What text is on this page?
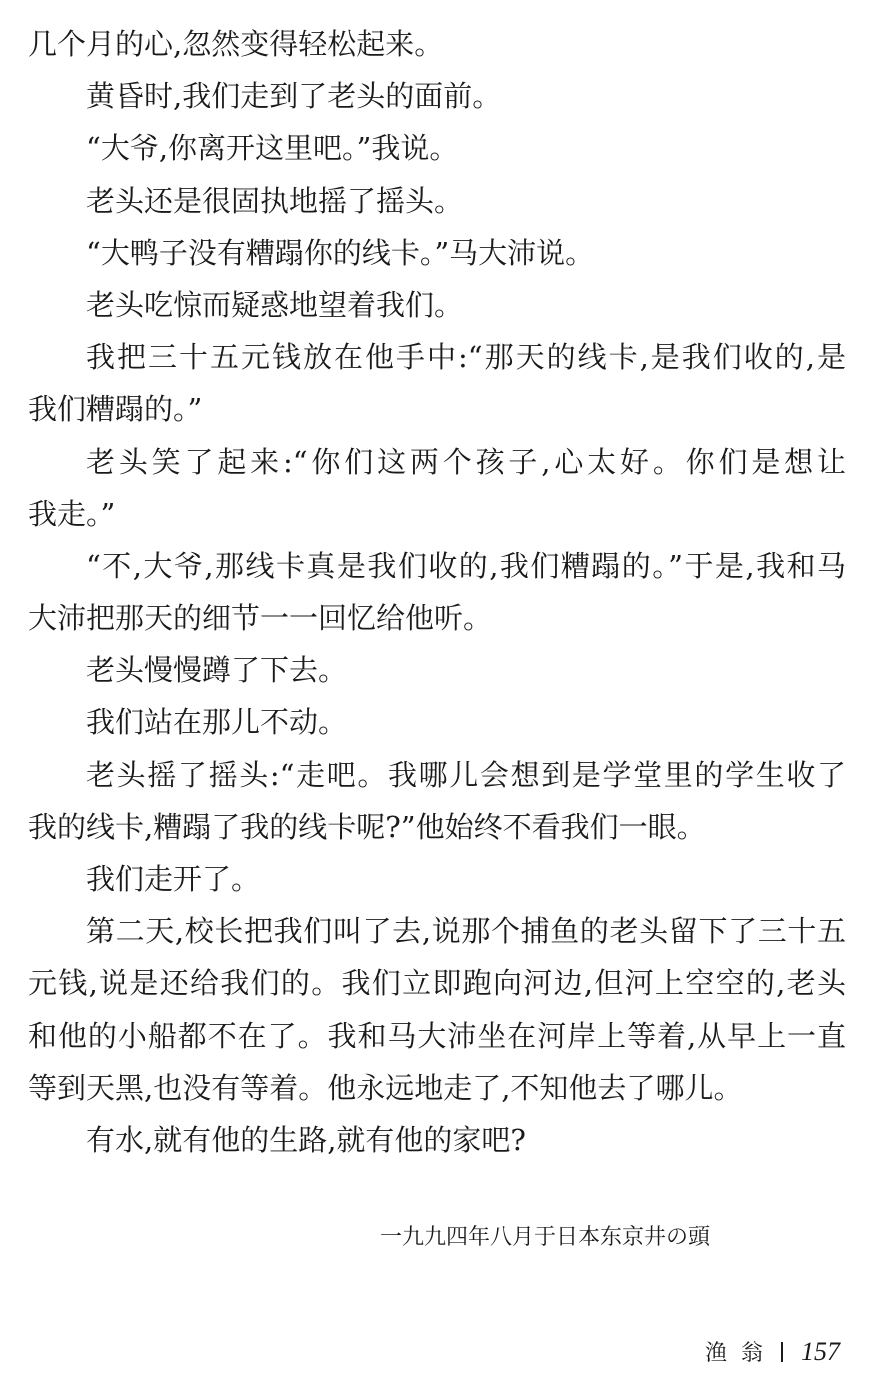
几个月的心,忽然变得轻松起来。
黄昏时,我们走到了老头的面前。
“大爷,你离开这里吧。”我说。
老头还是很固执地摇了摇头。
“大鸭子没有糟蹋你的线卡。”马大沛说。
老头吃惊而疑惑地望着我们。
我把三十五元钱放在他手中:“那天的线卡,是我们收的,是
我们糟蹋的。”
老头笑了起来:“你们这两个孩子,心太好。你们是想让
我走。”
“不,大爷,那线卡真是我们收的,我们糟蹋的。”于是,我和马
大沛把那天的细节一一回忆给他听。
老头慢慢蹲了下去。
我们站在那儿不动。
老头摇了摇头:“走吧。我哪儿会想到是学堂里的学生收了
我的线卡,糟蹋了我的线卡呢?”他始终不看我们一眼。
我们走开了。
第二天,校长把我们叫了去,说那个捕鱼的老头留下了三十五
元钱,说是还给我们的。我们立即跑向河边,但河上空空的,老头
和他的小船都不在了。我和马大沛坐在河岸上等着,从早上一直
等到天黑,也没有等着。他永远地走了,不知他去了哪儿。
有水,就有他的生路,就有他的家吧?
一九九四年八月于日本东京井の頭
渔翁 157
